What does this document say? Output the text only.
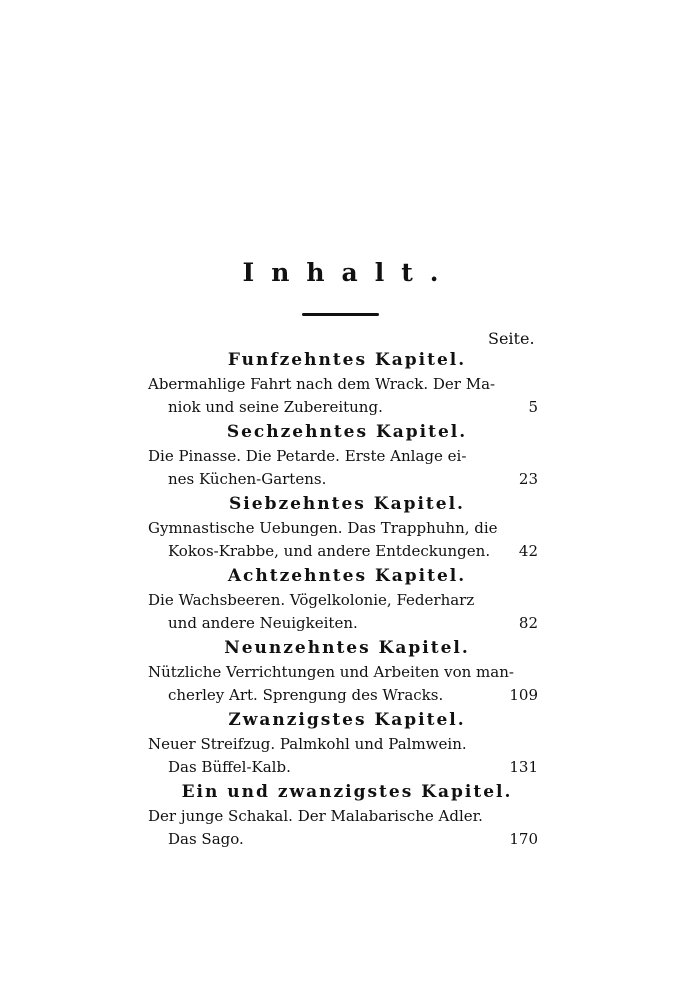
Inhalt.
Seite.
Funfzehntes Kapitel.
Abermahlige Fahrt nach dem Wrack. Der Ma-
niok und seine Zubereitung.	5
Sechzehntes Kapitel.
Die Pinasse. Die Petarde. Erste Anlage ei-
nes Küchen-Gartens.	23
Siebzehntes Kapitel.
Gymnastische Uebungen. Das Trapphuhn, die
Kokos-Krabbe, und andere Entdeckungen. 42
Achtzehntes Kapitel.
Die Wachsbeeren. Vögelkolonie, Federharz
und andere Neuigkeiten.	82
Neunzehntes Kapitel.
Nützliche Verrichtungen und Arbeiten von man-
cherley Art. Sprengung des Wracks.	109
Zwanzigstes Kapitel.
Neuer Streifzug. Palmkohl und Palmwein.
Das Büffel-Kalb.	131
Ein und zwanzigstes Kapitel.
Der junge Schakal. Der Malabarische Adler.
Das Sago.	170
